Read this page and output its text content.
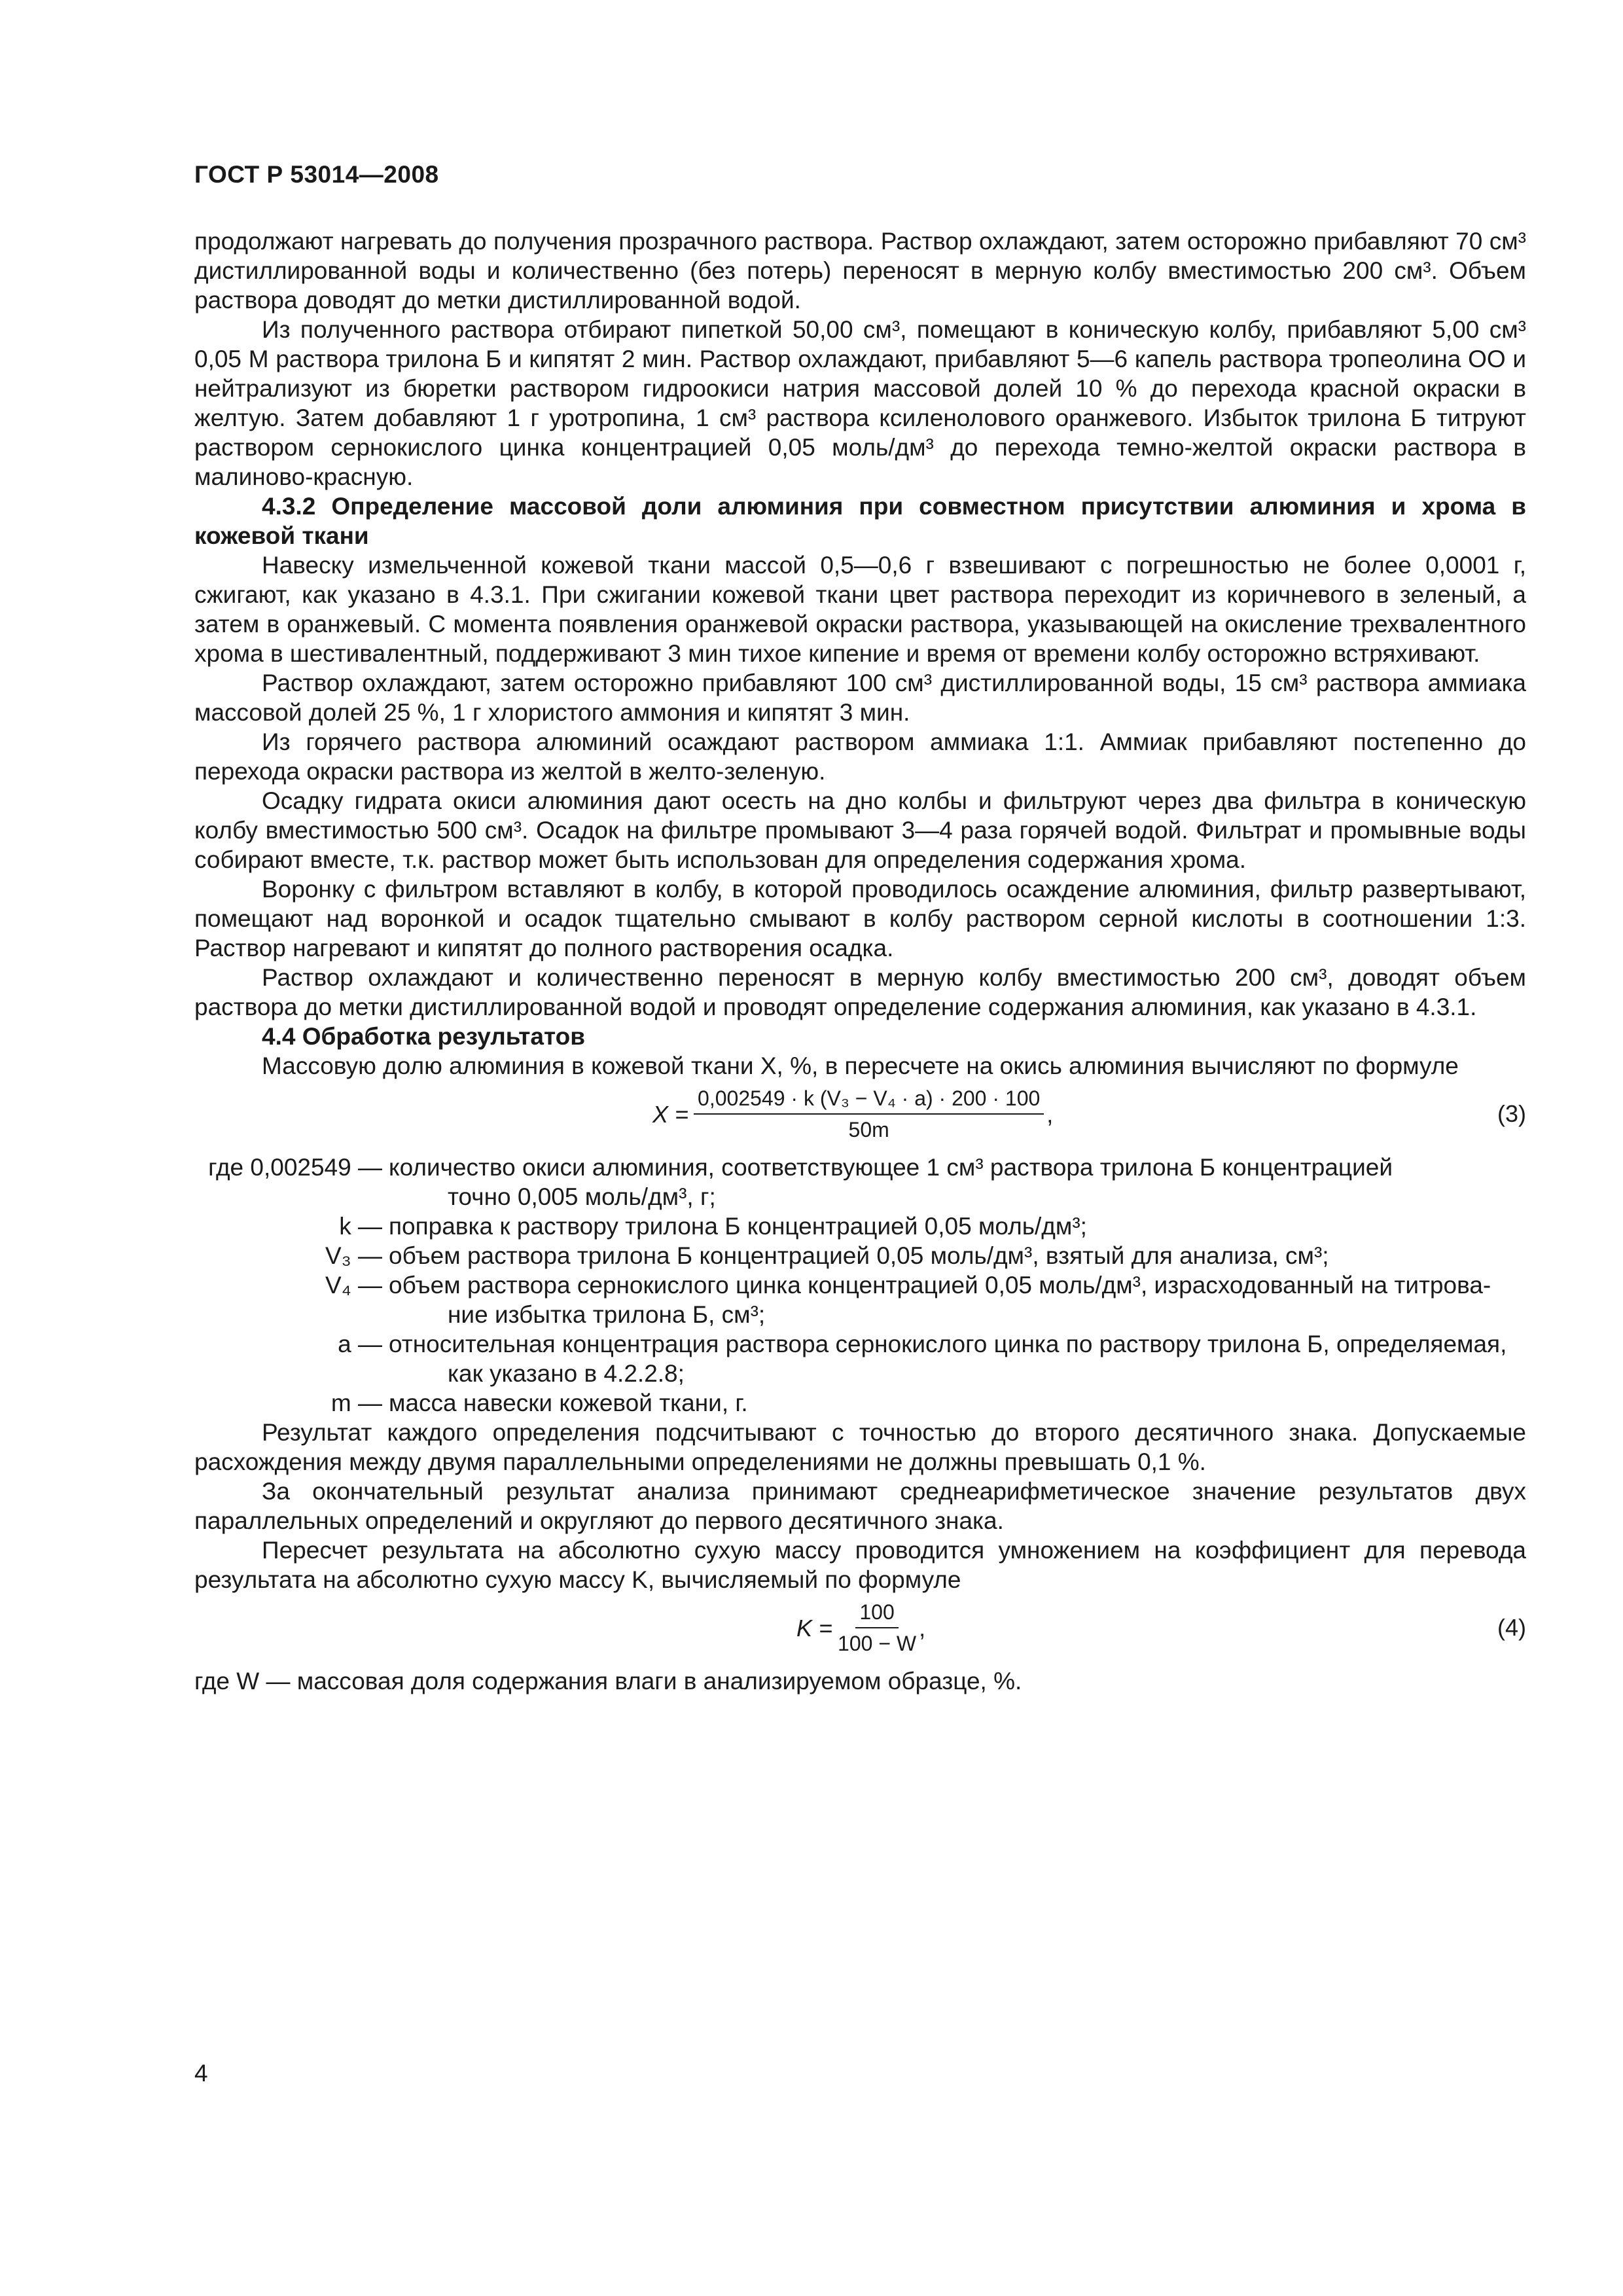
ГОСТ Р 53014—2008

продолжают нагревать до получения прозрачного раствора. Раствор охлаждают, затем осторожно прибавляют 70 см³ дистиллированной воды и количественно (без потерь) переносят в мерную колбу вместимостью 200 см³. Объем раствора доводят до метки дистиллированной водой.

Из полученного раствора отбирают пипеткой 50,00 см³, помещают в коническую колбу, прибавляют 5,00 см³ 0,05 М раствора трилона Б и кипятят 2 мин. Раствор охлаждают, прибавляют 5—6 капель раствора тропеолина ОО и нейтрализуют из бюретки раствором гидроокиси натрия массовой долей 10 % до перехода красной окраски в желтую. Затем добавляют 1 г уротропина, 1 см³ раствора ксиленолового оранжевого. Избыток трилона Б титруют раствором сернокислого цинка концентрацией 0,05 моль/дм³ до перехода темно-желтой окраски раствора в малиново-красную.

4.3.2 Определение массовой доли алюминия при совместном присутствии алюминия и хрома в кожевой ткани

Навеску измельченной кожевой ткани массой 0,5—0,6 г взвешивают с погрешностью не более 0,0001 г, сжигают, как указано в 4.3.1. При сжигании кожевой ткани цвет раствора переходит из коричневого в зеленый, а затем в оранжевый. С момента появления оранжевой окраски раствора, указывающей на окисление трехвалентного хрома в шестивалентный, поддерживают 3 мин тихое кипение и время от времени колбу осторожно встряхивают.

Раствор охлаждают, затем осторожно прибавляют 100 см³ дистиллированной воды, 15 см³ раствора аммиака массовой долей 25 %, 1 г хлористого аммония и кипятят 3 мин.

Из горячего раствора алюминий осаждают раствором аммиака 1:1. Аммиак прибавляют постепенно до перехода окраски раствора из желтой в желто-зеленую.

Осадку гидрата окиси алюминия дают осесть на дно колбы и фильтруют через два фильтра в коническую колбу вместимостью 500 см³. Осадок на фильтре промывают 3—4 раза горячей водой. Фильтрат и промывные воды собирают вместе, т.к. раствор может быть использован для определения содержания хрома.

Воронку с фильтром вставляют в колбу, в которой проводилось осаждение алюминия, фильтр развертывают, помещают над воронкой и осадок тщательно смывают в колбу раствором серной кислоты в соотношении 1:3. Раствор нагревают и кипятят до полного растворения осадка.

Раствор охлаждают и количественно переносят в мерную колбу вместимостью 200 см³, доводят объем раствора до метки дистиллированной водой и проводят определение содержания алюминия, как указано в 4.3.1.

4.4 Обработка результатов

Массовую долю алюминия в кожевой ткани X, %, в пересчете на окись алюминия вычисляют по формуле

$X = \frac{\text{0,002549 · k (V₃ − V₄ · a) · 200 · 100}}{50m}$ ,	(3)
где 0,002549 — количество окиси алюминия, соответствующее 1 см³ раствора трилона Б концентрацией
точно 0,005 моль/дм³, г;
k — поправка к раствору трилона Б концентрацией 0,05 моль/дм³;
V₃ — объем раствора трилона Б концентрацией 0,05 моль/дм³, взятый для анализа, см³;
V₄ — объем раствора сернокислого цинка концентрацией 0,05 моль/дм³, израсходованный на титрова-
ние избытка трилона Б, см³;
a — относительная концентрация раствора сернокислого цинка по раствору трилона Б, определяемая,
как указано в 4.2.2.8;
m — масса навески кожевой ткани, г.

Результат каждого определения подсчитывают с точностью до второго десятичного знака. Допускаемые расхождения между двумя параллельными определениями не должны превышать 0,1 %.

За окончательный результат анализа принимают среднеарифметическое значение результатов двух параллельных определений и округляют до первого десятичного знака.

Пересчет результата на абсолютно сухую массу проводится умножением на коэффициент для перевода результата на абсолютно сухую массу K, вычисляемый по формуле

$K = \frac{100}{100 - W}$ ,	(4)

где W — массовая доля содержания влаги в анализируемом образце, %.

4
